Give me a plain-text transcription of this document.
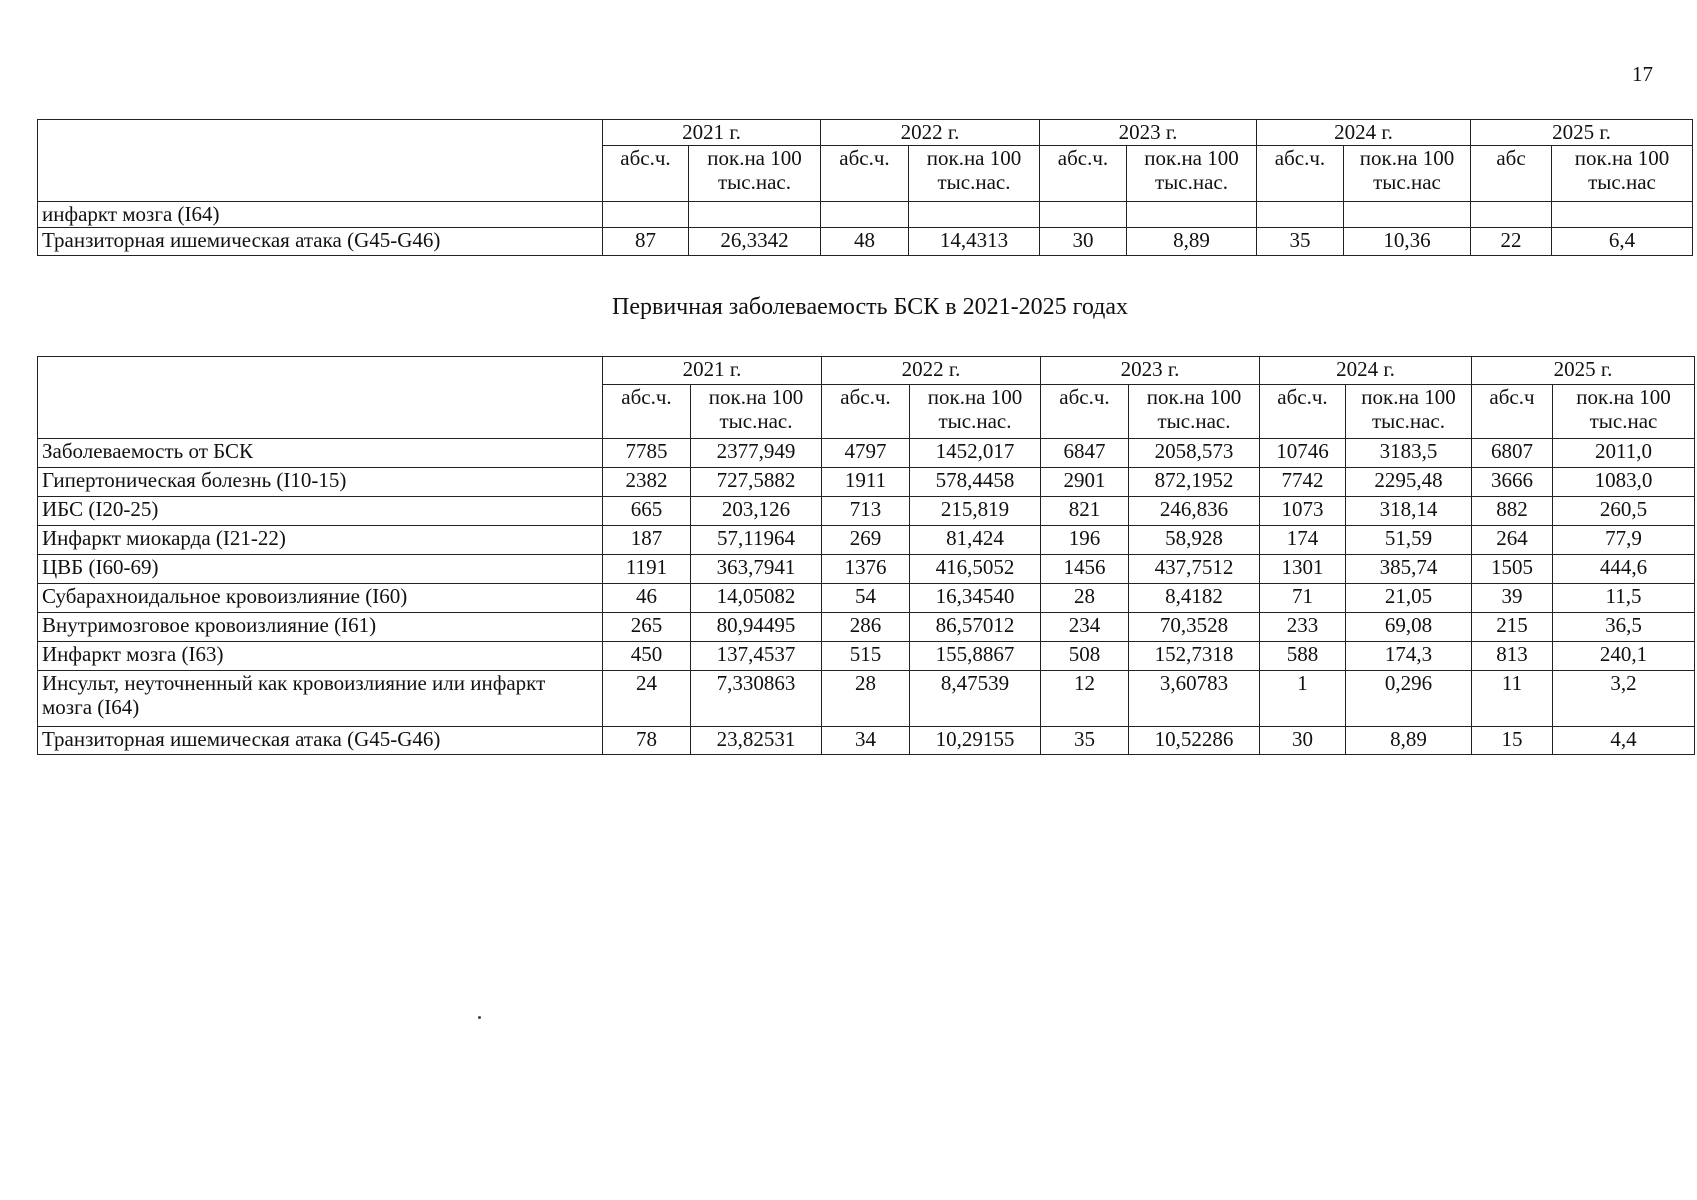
17
	2021 г.		2022 г.		2023 г.		2024 г.		2025 г.	
	абс.ч.	пок.на 100 тыс.нас.	абс.ч.	пок.на 100 тыс.нас.	абс.ч.	пок.на 100 тыс.нас.	абс.ч.	пок.на 100 тыс.нас	абс	пок.на 100 тыс.нас
инфаркт мозга (I64)										
Транзиторная ишемическая атака (G45-G46)	87	26,3342	48	14,4313	30	8,89	35	10,36	22	6,4
Первичная заболеваемость БСК в 2021-2025 годах
	2021 г.		2022 г.		2023 г.		2024 г.		2025 г.	
	абс.ч.	пок.на 100 тыс.нас.	абс.ч.	пок.на 100 тыс.нас.	абс.ч.	пок.на 100 тыс.нас.	абс.ч.	пок.на 100 тыс.нас.	абс.ч	пок.на 100 тыс.нас
Заболеваемость от БСК	7785	2377,949	4797	1452,017	6847	2058,573	10746	3183,5	6807	2011,0
Гипертоническая болезнь (I10-15)	2382	727,5882	1911	578,4458	2901	872,1952	7742	2295,48	3666	1083,0
ИБС (I20-25)	665	203,126	713	215,819	821	246,836	1073	318,14	882	260,5
Инфаркт миокарда (I21-22)	187	57,11964	269	81,424	196	58,928	174	51,59	264	77,9
ЦВБ (I60-69)	1191	363,7941	1376	416,5052	1456	437,7512	1301	385,74	1505	444,6
Субарахноидальное кровоизлияние (I60)	46	14,05082	54	16,34540	28	8,4182	71	21,05	39	11,5
Внутримозговое кровоизлияние (I61)	265	80,94495	286	86,57012	234	70,3528	233	69,08	215	36,5
Инфаркт мозга (I63)	450	137,4537	515	155,8867	508	152,7318	588	174,3	813	240,1
Инсульт, неуточненный как кровоизлияние или инфаркт мозга (I64)	24	7,330863	28	8,47539	12	3,60783	1	0,296	11	3,2
Транзиторная ишемическая атака (G45-G46)	78	23,82531	34	10,29155	35	10,52286	30	8,89	15	4,4
